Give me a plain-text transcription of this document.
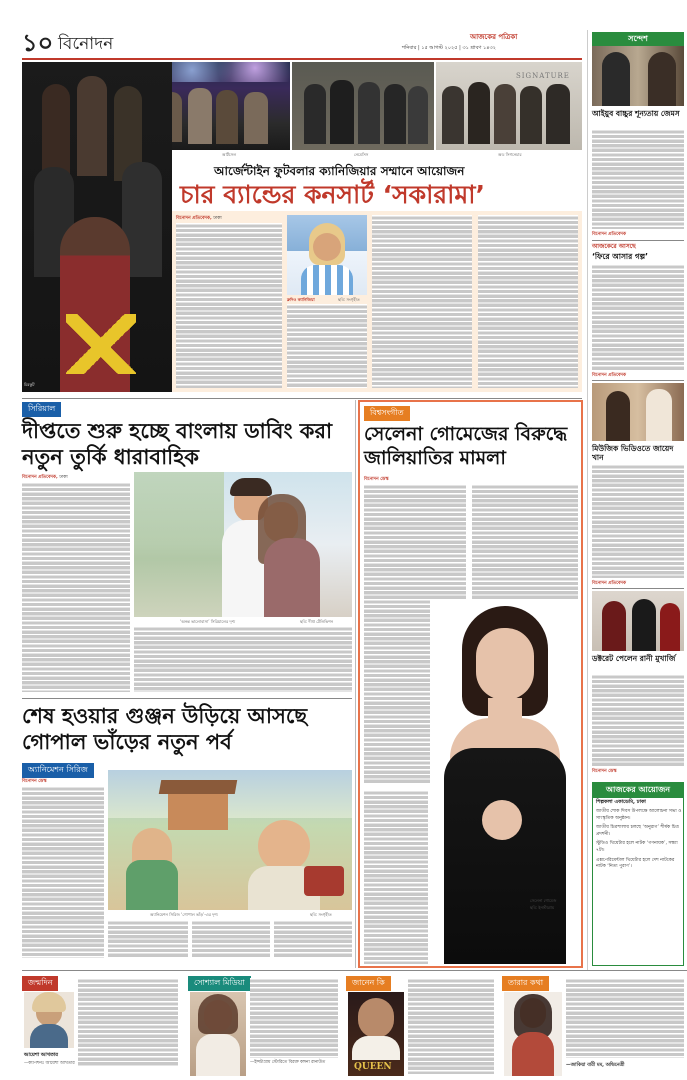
১০ বিনোদন	আজকের পত্রিকা
শনিবার | ১৫ আগস্ট ২০২৫ | ৩১ শ্রাবণ ১৪৩২
আর্টসেল	নেমেসিস
SIGNATURE
অড সিগনেচার
চিরকুট
আর্জেন্টাইন ফুটবলার ক্যানিজিয়ার সম্মানে আয়োজন
চার ব্যান্ডের কনসার্ট ‘সকারামা’
বিনোদন প্রতিবেদক, ঢাকা
ক্লদিও ক্যানিজিয়া	ছবি: সংগৃহীত
সিরিয়াল
দীপ্ততে শুরু হচ্ছে বাংলায় ডাবিং করা নতুন তুর্কি ধারাবাহিক
বিনোদন প্রতিবেদক, ঢাকা
‘অনন্ত ভালোবাসা’ সিরিয়ালের দৃশ্য	ছবি: দীপ্ত টেলিভিশন
শেষ হওয়ার গুঞ্জন উড়িয়ে আসছে গোপাল ভাঁড়ের নতুন পর্ব
অ্যানিমেশন সিরিজ
বিনোদন ডেস্ক
অ্যানিমেশন সিরিজ ‘গোপাল ভাঁড়’-এর দৃশ্য	ছবি: সংগৃহীত
বিশ্বসংগীত
সেলেনা গোমেজের বিরুদ্ধে জালিয়াতির মামলা
বিনোদন ডেস্ক
সেলেনা গোমেজ
ছবি: ইনস্টাগ্রাম
সন্দেশ
আইয়ুব বাচ্চুর শূন্যতায় জেমস
বিনোদন প্রতিবেদক
আজকেরে আসছে
‘ফিরে আসার গল্প’
বিনোদন প্রতিবেদক
মিউজিক ভিডিওতে জায়েদ খান
বিনোদন প্রতিবেদক
ডক্টরেট পেলেন রানী মুখার্জি
বিনোদন ডেস্ক
আজকের আয়োজন
শিল্পকলা একাডেমি, ঢাকা
জাতীয় শোক দিবস উপলক্ষে আলোচনা সভা ও সাংস্কৃতিক অনুষ্ঠান।
জাতীয় চিত্রশালায় চলছে ‘অনুরাগ’ শীর্ষক চিত্র প্রদর্শনী।
স্টুডিও থিয়েটার হলে নাটক ‘গণনায়ক’, সন্ধ্যা ৭টা।
এক্সপেরিমেন্টাল থিয়েটার হলে দেশ নাটকের নাটক ‘নিত্য পুরাণ’।
জন্মদিন
আয়েশা আখতার
—ক্যাপশনঃ আয়েশা আখতার
সোশ্যাল মিডিয়া
—ইন্সটাগ্রাম স্টোরিতে বিরক্ত কঙ্গনা রানাউত
জানেন কি
QUEEN
তারার কথা
—জাকিয়া বারী মম, অভিনেত্রী
